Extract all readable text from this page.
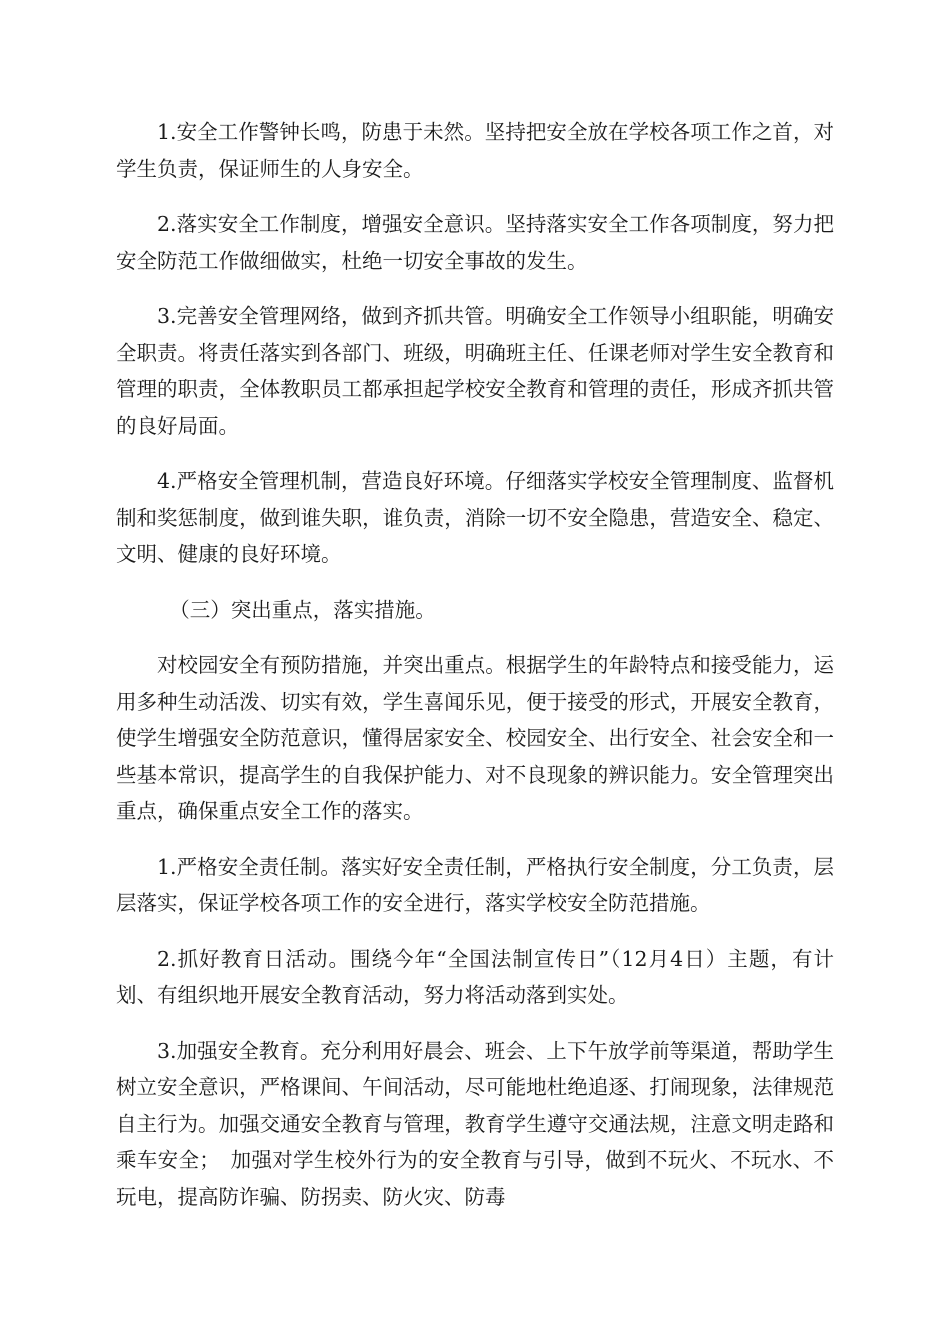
1.安全工作警钟长鸣，防患于未然。坚持把安全放在学校各项工作之首，对学生负责，保证师生的人身安全。

2.落实安全工作制度，增强安全意识。坚持落实安全工作各项制度，努力把安全防范工作做细做实，杜绝一切安全事故的发生。

3.完善安全管理网络，做到齐抓共管。明确安全工作领导小组职能，明确安全职责。将责任落实到各部门、班级，明确班主任、任课老师对学生安全教育和管理的职责，全体教职员工都承担起学校安全教育和管理的责任，形成齐抓共管的良好局面。

4.严格安全管理机制，营造良好环境。仔细落实学校安全管理制度、监督机制和奖惩制度，做到谁失职，谁负责，消除一切不安全隐患，营造安全、稳定、文明、健康的良好环境。

（三）突出重点，落实措施。

对校园安全有预防措施，并突出重点。根据学生的年龄特点和接受能力，运用多种生动活泼、切实有效，学生喜闻乐见，便于接受的形式，开展安全教育，使学生增强安全防范意识，懂得居家安全、校园安全、出行安全、社会安全和一些基本常识，提高学生的自我保护能力、对不良现象的辨识能力。安全管理突出重点，确保重点安全工作的落实。

1.严格安全责任制。落实好安全责任制，严格执行安全制度，分工负责，层层落实，保证学校各项工作的安全进行，落实学校安全防范措施。

2.抓好教育日活动。围绕今年“全国法制宣传日”（12月4日）主题，有计划、有组织地开展安全教育活动，努力将活动落到实处。

3.加强安全教育。充分利用好晨会、班会、上下午放学前等渠道，帮助学生树立安全意识，严格课间、午间活动，尽可能地杜绝追逐、打闹现象，法律规范自主行为。加强交通安全教育与管理，教育学生遵守交通法规，注意文明走路和乘车安全；　加强对学生校外行为的安全教育与引导，做到不玩火、不玩水、不玩电，提高防诈骗、防拐卖、防火灾、防毒
